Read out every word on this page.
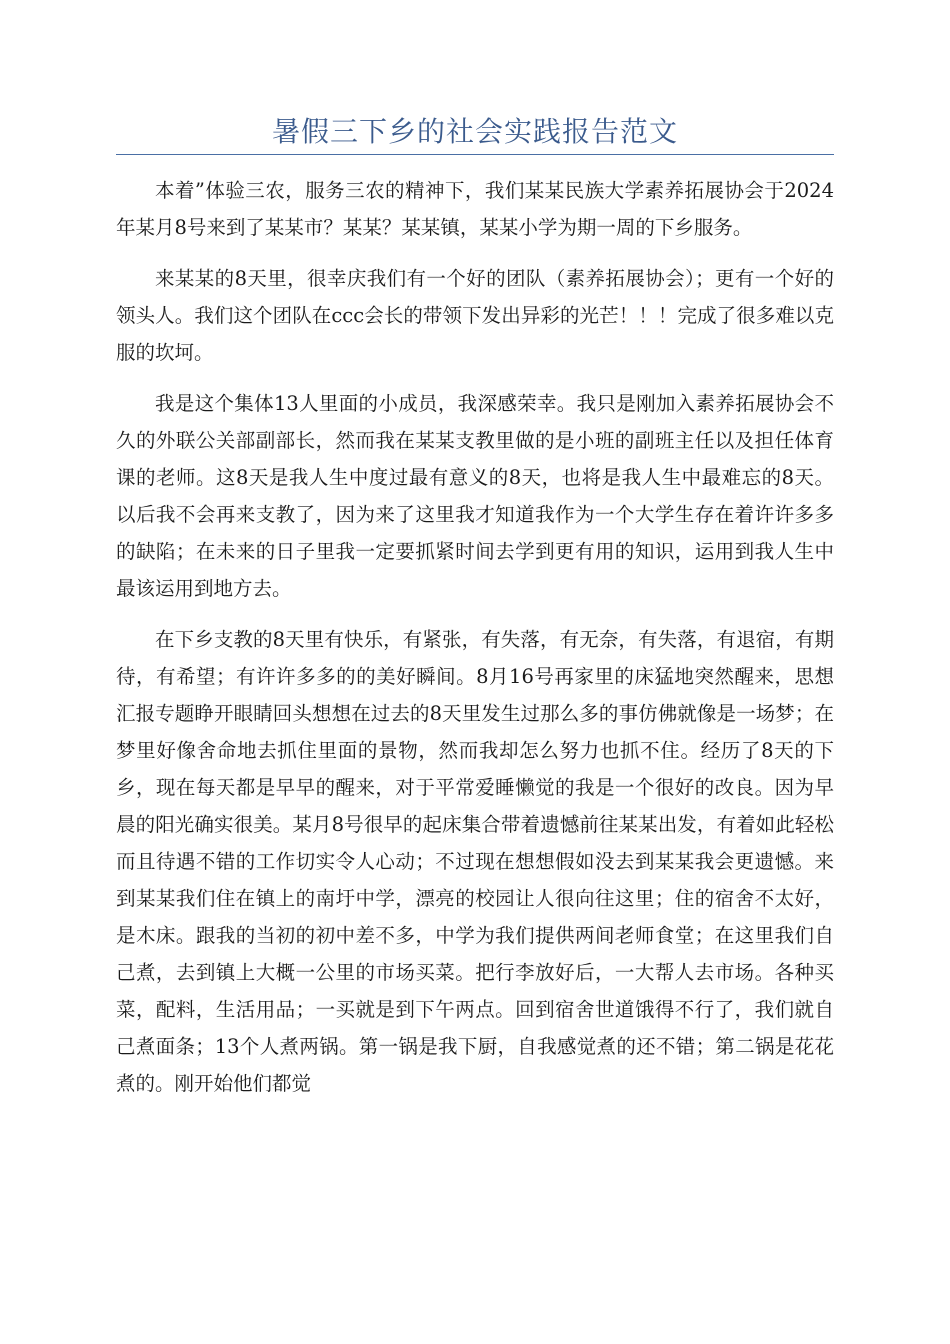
暑假三下乡的社会实践报告范文

本着”体验三农，服务三农的精神下，我们某某民族大学素养拓展协会于2024年某月8号来到了某某市？某某？某某镇，某某小学为期一周的下乡服务。

来某某的8天里，很幸庆我们有一个好的团队（素养拓展协会）；更有一个好的领头人。我们这个团队在ccc会长的带领下发出异彩的光芒！！！完成了很多难以克服的坎坷。

我是这个集体13人里面的小成员，我深感荣幸。我只是刚加入素养拓展协会不久的外联公关部副部长，然而我在某某支教里做的是小班的副班主任以及担任体育课的老师。这8天是我人生中度过最有意义的8天，也将是我人生中最难忘的8天。以后我不会再来支教了，因为来了这里我才知道我作为一个大学生存在着许许多多的缺陷；在未来的日子里我一定要抓紧时间去学到更有用的知识，运用到我人生中最该运用到地方去。

在下乡支教的8天里有快乐，有紧张，有失落，有无奈，有失落，有退宿，有期待，有希望；有许许多多的的美好瞬间。8月16号再家里的床猛地突然醒来，思想汇报专题睁开眼睛回头想想在过去的8天里发生过那么多的事仿佛就像是一场梦；在梦里好像舍命地去抓住里面的景物，然而我却怎么努力也抓不住。经历了8天的下乡，现在每天都是早早的醒来，对于平常爱睡懒觉的我是一个很好的改良。因为早晨的阳光确实很美。某月8号很早的起床集合带着遗憾前往某某出发，有着如此轻松而且待遇不错的工作切实令人心动；不过现在想想假如没去到某某我会更遗憾。来到某某我们住在镇上的南圩中学，漂亮的校园让人很向往这里；住的宿舍不太好，是木床。跟我的当初的初中差不多，中学为我们提供两间老师食堂；在这里我们自己煮，去到镇上大概一公里的市场买菜。把行李放好后，一大帮人去市场。各种买菜，配料，生活用品；一买就是到下午两点。回到宿舍世道饿得不行了，我们就自己煮面条；13个人煮两锅。第一锅是我下厨，自我感觉煮的还不错；第二锅是花花煮的。刚开始他们都觉
